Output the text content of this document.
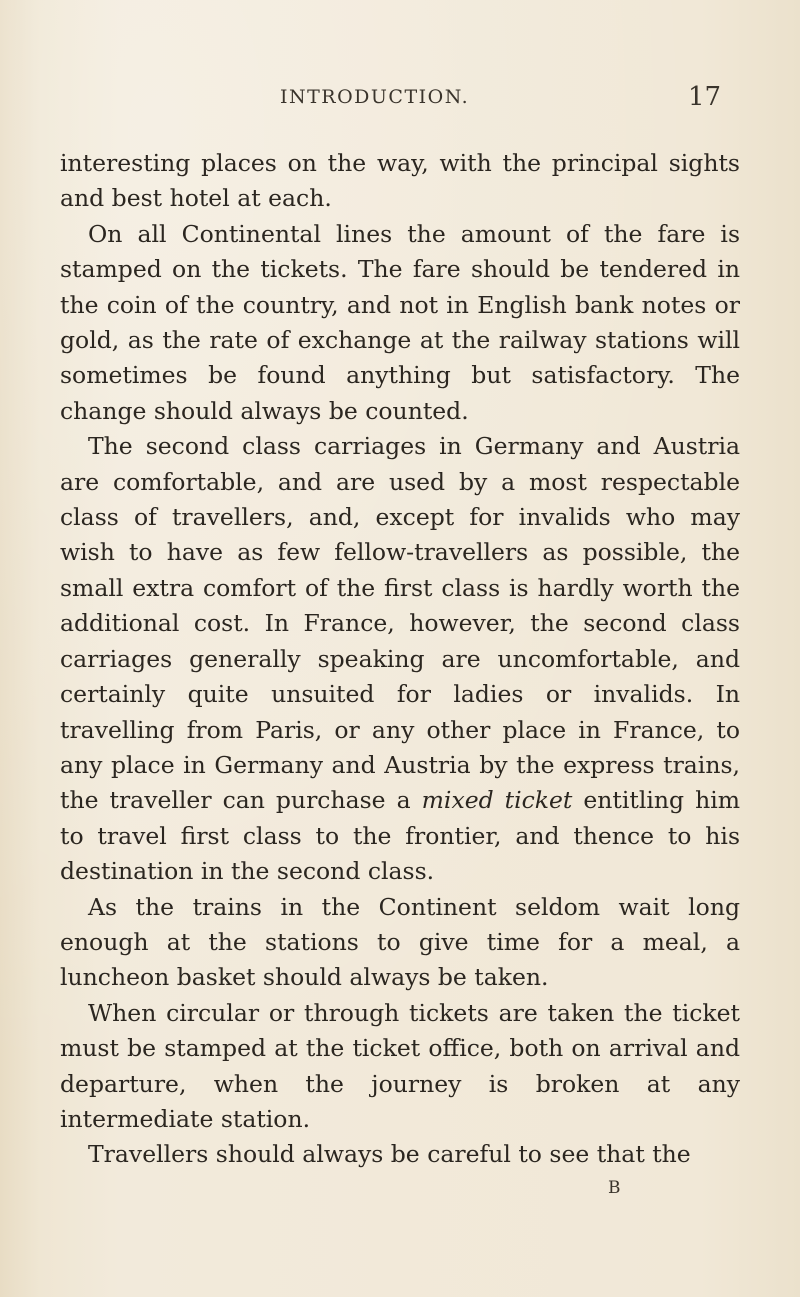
INTRODUCTION.	17

interesting places on the way, with the principal sights and best hotel at each.

On all Continental lines the amount of the fare is stamped on the tickets. The fare should be tendered in the coin of the country, and not in English bank notes or gold, as the rate of exchange at the railway stations will sometimes be found anything but satisfactory. The change should always be counted.

The second class carriages in Germany and Austria are comfortable, and are used by a most respectable class of travellers, and, except for invalids who may wish to have as few fellow-travellers as possible, the small extra comfort of the first class is hardly worth the additional cost. In France, however, the second class carriages generally speaking are uncomfortable, and certainly quite unsuited for ladies or invalids. In travelling from Paris, or any other place in France, to any place in Germany and Austria by the express trains, the traveller can purchase a mixed ticket entitling him to travel first class to the frontier, and thence to his destination in the second class.

As the trains in the Continent seldom wait long enough at the stations to give time for a meal, a luncheon basket should always be taken.

When circular or through tickets are taken the ticket must be stamped at the ticket office, both on arrival and departure, when the journey is broken at any intermediate station.

Travellers should always be careful to see that the

B
